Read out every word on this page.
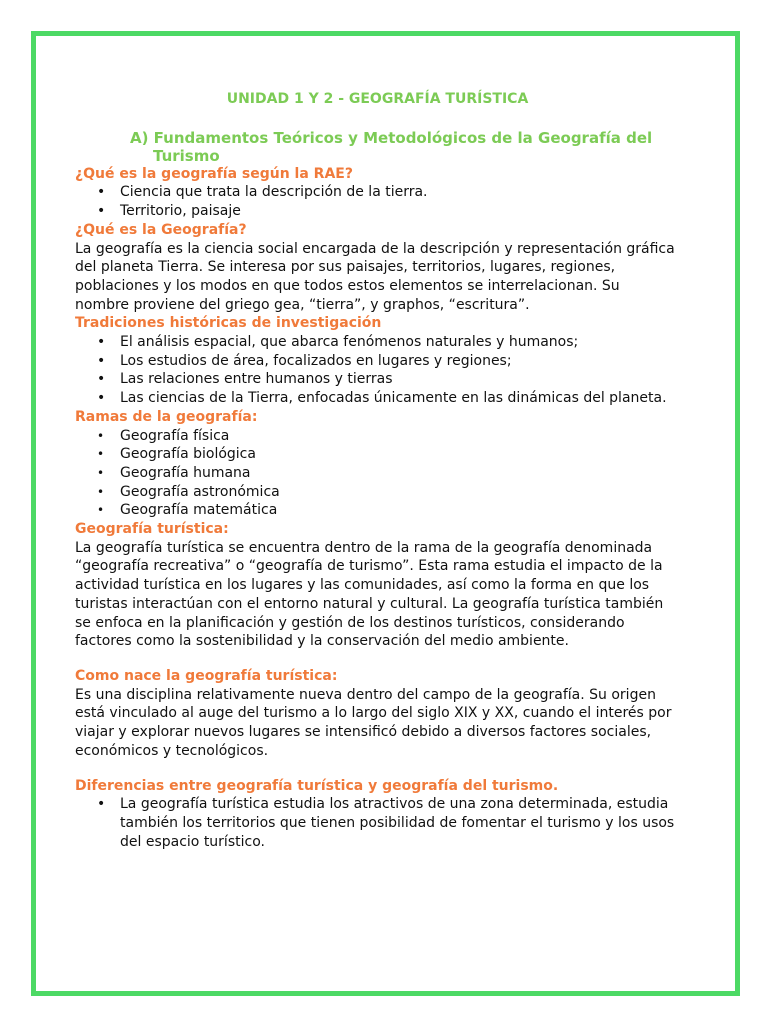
UNIDAD 1 Y 2 - GEOGRAFÍA TURÍSTICA
A) Fundamentos Teóricos y Metodológicos de la Geografía del Turismo
¿Qué es la geografía según la RAE?
• Ciencia que trata la descripción de la tierra.
• Territorio, paisaje
¿Qué es la Geografía?

La geografía es la ciencia social encargada de la descripción y representación gráfica del planeta Tierra. Se interesa por sus paisajes, territorios, lugares, regiones, poblaciones y los modos en que todos estos elementos se interrelacionan. Su nombre proviene del griego gea, “tierra”, y graphos, “escritura”.

Tradiciones históricas de investigación
• El análisis espacial, que abarca fenómenos naturales y humanos;
• Los estudios de área, focalizados en lugares y regiones;
• Las relaciones entre humanos y tierras
• Las ciencias de la Tierra, enfocadas únicamente en las dinámicas del planeta.
Ramas de la geografía:
• Geografía física
• Geografía biológica
• Geografía humana
• Geografía astronómica
• Geografía matemática
Geografía turística:

La geografía turística se encuentra dentro de la rama de la geografía denominada “geografía recreativa” o “geografía de turismo”. Esta rama estudia el impacto de la actividad turística en los lugares y las comunidades, así como la forma en que los turistas interactúan con el entorno natural y cultural. La geografía turística también se enfoca en la planificación y gestión de los destinos turísticos, considerando factores como la sostenibilidad y la conservación del medio ambiente.

Como nace la geografía turística:

Es una disciplina relativamente nueva dentro del campo de la geografía. Su origen está vinculado al auge del turismo a lo largo del siglo XIX y XX, cuando el interés por viajar y explorar nuevos lugares se intensificó debido a diversos factores sociales, económicos y tecnológicos.

Diferencias entre geografía turística y geografía del turismo.
• La geografía turística estudia los atractivos de una zona determinada, estudia también los territorios que tienen posibilidad de fomentar el turismo y los usos del espacio turístico.
